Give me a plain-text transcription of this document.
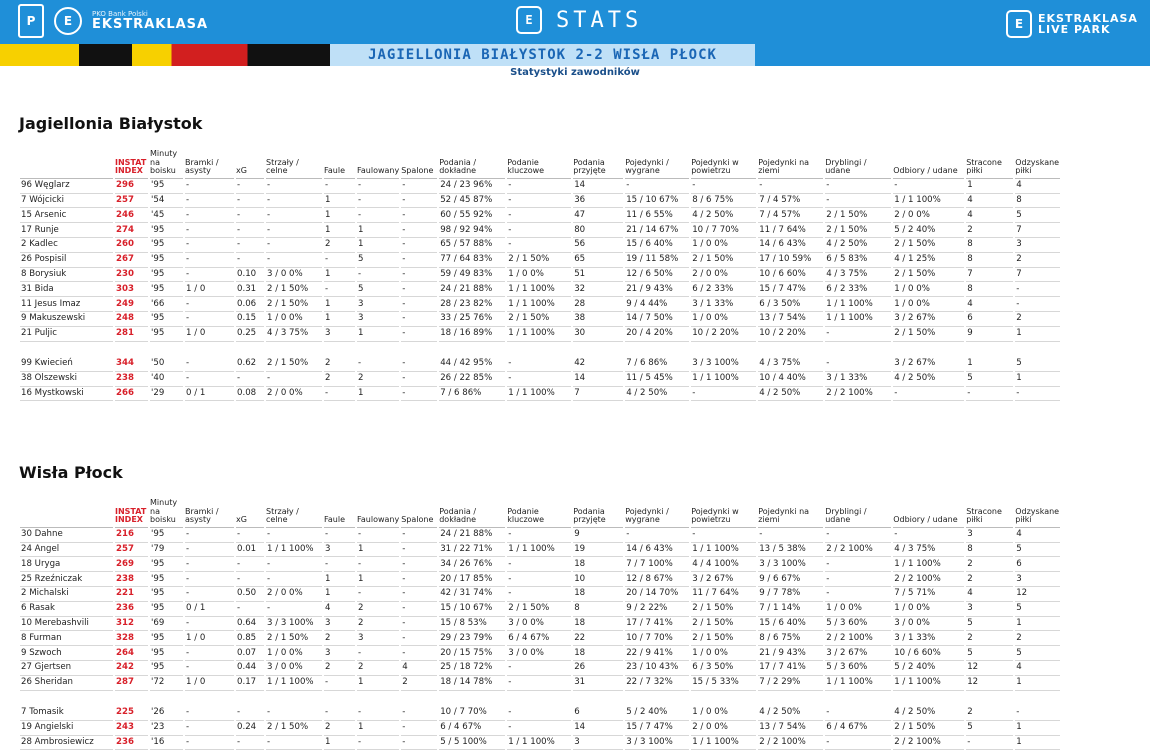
P	E	PKO Bank Polski
EKSTRAKLASA	E	STATS	E	EKSTRAKLASA
LIVE PARK
JAGIELLONIA BIAŁYSTOK 2-2 WISŁA PŁOCK
Statystyki zawodników
Jagiellonia Białystok
	INSTAT INDEX	Minuty na boisku	Bramki / asysty	xG	Strzały / celne	Faule	Faulowany	Spalone	Podania / dokładne	Podanie kluczowe	Podania przyjęte	Pojedynki / wygrane	Pojedynki w powietrzu	Pojedynki na ziemi	Dryblingi / udane	Odbiory / udane	Stracone piłki	Odzyskane piłki
96 Węglarz	296	'95	-	-	-	-	-	-	24 / 23 96%	-	14	-	-	-	-	-	1	4
7 Wójcicki	257	'54	-	-	-	1	-	-	52 / 45 87%	-	36	15 / 10 67%	8 / 6 75%	7 / 4 57%	-	1 / 1 100%	4	8
15 Arsenic	246	'45	-	-	-	1	-	-	60 / 55 92%	-	47	11 / 6 55%	4 / 2 50%	7 / 4 57%	2 / 1 50%	2 / 0 0%	4	5
17 Runje	274	'95	-	-	-	1	1	-	98 / 92 94%	-	80	21 / 14 67%	10 / 7 70%	11 / 7 64%	2 / 1 50%	5 / 2 40%	2	7
2 Kadlec	260	'95	-	-	-	2	1	-	65 / 57 88%	-	56	15 / 6 40%	1 / 0 0%	14 / 6 43%	4 / 2 50%	2 / 1 50%	8	3
26 Pospisil	267	'95	-	-	-	-	5	-	77 / 64 83%	2 / 1 50%	65	19 / 11 58%	2 / 1 50%	17 / 10 59%	6 / 5 83%	4 / 1 25%	8	2
8 Borysiuk	230	'95	-	0.10	3 / 0 0%	1	-	-	59 / 49 83%	1 / 0 0%	51	12 / 6 50%	2 / 0 0%	10 / 6 60%	4 / 3 75%	2 / 1 50%	7	7
31 Bida	303	'95	1 / 0	0.31	2 / 1 50%	-	5	-	24 / 21 88%	1 / 1 100%	32	21 / 9 43%	6 / 2 33%	15 / 7 47%	6 / 2 33%	1 / 0 0%	8	-
11 Jesus Imaz	249	'66	-	0.06	2 / 1 50%	1	3	-	28 / 23 82%	1 / 1 100%	28	9 / 4 44%	3 / 1 33%	6 / 3 50%	1 / 1 100%	1 / 0 0%	4	-
9 Makuszewski	248	'95	-	0.15	1 / 0 0%	1	3	-	33 / 25 76%	2 / 1 50%	38	14 / 7 50%	1 / 0 0%	13 / 7 54%	1 / 1 100%	3 / 2 67%	6	2
21 Puljic	281	'95	1 / 0	0.25	4 / 3 75%	3	1	-	18 / 16 89%	1 / 1 100%	30	20 / 4 20%	10 / 2 20%	10 / 2 20%	-	2 / 1 50%	9	1

99 Kwiecień	344	'50	-	0.62	2 / 1 50%	2	-	-	44 / 42 95%	-	42	7 / 6 86%	3 / 3 100%	4 / 3 75%	-	3 / 2 67%	1	5
38 Olszewski	238	'40	-	-	-	2	2	-	26 / 22 85%	-	14	11 / 5 45%	1 / 1 100%	10 / 4 40%	3 / 1 33%	4 / 2 50%	5	1
16 Mystkowski	266	'29	0 / 1	0.08	2 / 0 0%	-	1	-	7 / 6 86%	1 / 1 100%	7	4 / 2 50%	-	4 / 2 50%	2 / 2 100%	-	-	-
Wisła Płock
	INSTAT INDEX	Minuty na boisku	Bramki / asysty	xG	Strzały / celne	Faule	Faulowany	Spalone	Podania / dokładne	Podanie kluczowe	Podania przyjęte	Pojedynki / wygrane	Pojedynki w powietrzu	Pojedynki na ziemi	Dryblingi / udane	Odbiory / udane	Stracone piłki	Odzyskane piłki
30 Dahne	216	'95	-	-	-	-	-	-	24 / 21 88%	-	9	-	-	-	-	-	3	4
24 Angel	257	'79	-	0.01	1 / 1 100%	3	1	-	31 / 22 71%	1 / 1 100%	19	14 / 6 43%	1 / 1 100%	13 / 5 38%	2 / 2 100%	4 / 3 75%	8	5
18 Uryga	269	'95	-	-	-	-	-	-	34 / 26 76%	-	18	7 / 7 100%	4 / 4 100%	3 / 3 100%	-	1 / 1 100%	2	6
25 Rzeźniczak	238	'95	-	-	-	1	1	-	20 / 17 85%	-	10	12 / 8 67%	3 / 2 67%	9 / 6 67%	-	2 / 2 100%	2	3
2 Michalski	221	'95	-	0.50	2 / 0 0%	1	-	-	42 / 31 74%	-	18	20 / 14 70%	11 / 7 64%	9 / 7 78%	-	7 / 5 71%	4	12
6 Rasak	236	'95	0 / 1	-	-	4	2	-	15 / 10 67%	2 / 1 50%	8	9 / 2 22%	2 / 1 50%	7 / 1 14%	1 / 0 0%	1 / 0 0%	3	5
10 Merebashvili	312	'69	-	0.64	3 / 3 100%	3	2	-	15 / 8 53%	3 / 0 0%	18	17 / 7 41%	2 / 1 50%	15 / 6 40%	5 / 3 60%	3 / 0 0%	5	1
8 Furman	328	'95	1 / 0	0.85	2 / 1 50%	2	3	-	29 / 23 79%	6 / 4 67%	22	10 / 7 70%	2 / 1 50%	8 / 6 75%	2 / 2 100%	3 / 1 33%	2	2
9 Szwoch	264	'95	-	0.07	1 / 0 0%	3	-	-	20 / 15 75%	3 / 0 0%	18	22 / 9 41%	1 / 0 0%	21 / 9 43%	3 / 2 67%	10 / 6 60%	5	5
27 Gjertsen	242	'95	-	0.44	3 / 0 0%	2	2	4	25 / 18 72%	-	26	23 / 10 43%	6 / 3 50%	17 / 7 41%	5 / 3 60%	5 / 2 40%	12	4
26 Sheridan	287	'72	1 / 0	0.17	1 / 1 100%	-	1	2	18 / 14 78%	-	31	22 / 7 32%	15 / 5 33%	7 / 2 29%	1 / 1 100%	1 / 1 100%	12	1

7 Tomasik	225	'26	-	-	-	-	-	-	10 / 7 70%	-	6	5 / 2 40%	1 / 0 0%	4 / 2 50%	-	4 / 2 50%	2	-
19 Angielski	243	'23	-	0.24	2 / 1 50%	2	1	-	6 / 4 67%	-	14	15 / 7 47%	2 / 0 0%	13 / 7 54%	6 / 4 67%	2 / 1 50%	5	1
28 Ambrosiewicz	236	'16	-	-	-	1	-	-	5 / 5 100%	1 / 1 100%	3	3 / 3 100%	1 / 1 100%	2 / 2 100%	-	2 / 2 100%	-	1
